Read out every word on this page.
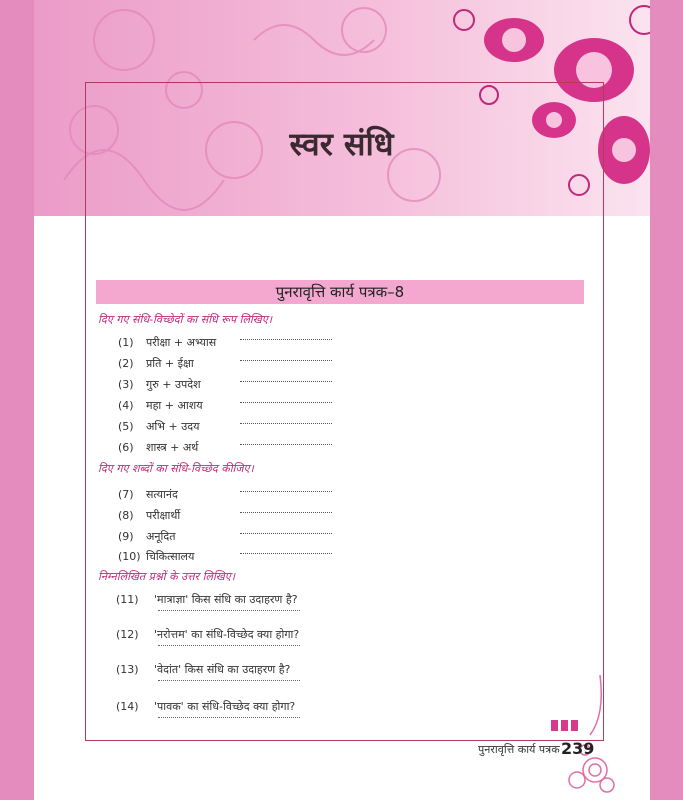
स्वर संधि
पुनरावृत्ति कार्य पत्रक–8
दिए गए संधि-विच्छेदों का संधि रूप लिखिए।
(1) परीक्षा + अभ्यास
(2) प्रति + ईक्षा
(3) गुरु + उपदेश
(4) महा + आशय
(5) अभि + उदय
(6) शास्त्र + अर्थ
दिए गए शब्दों का संधि-विच्छेद कीजिए।
(7) सत्यानंद
(8) परीक्षार्थी
(9) अनूदित
(10) चिकित्सालय
निम्नलिखित प्रश्नों के उत्तर लिखिए।
(11) 'मात्राज्ञा' किस संधि का उदाहरण है?
(12) 'नरोत्तम' का संधि-विच्छेद क्या होगा?
(13) 'वेदांत' किस संधि का उदाहरण है?
(14) 'पावक' का संधि-विच्छेद क्या होगा?
पुनरावृत्ति कार्य पत्रक 239
